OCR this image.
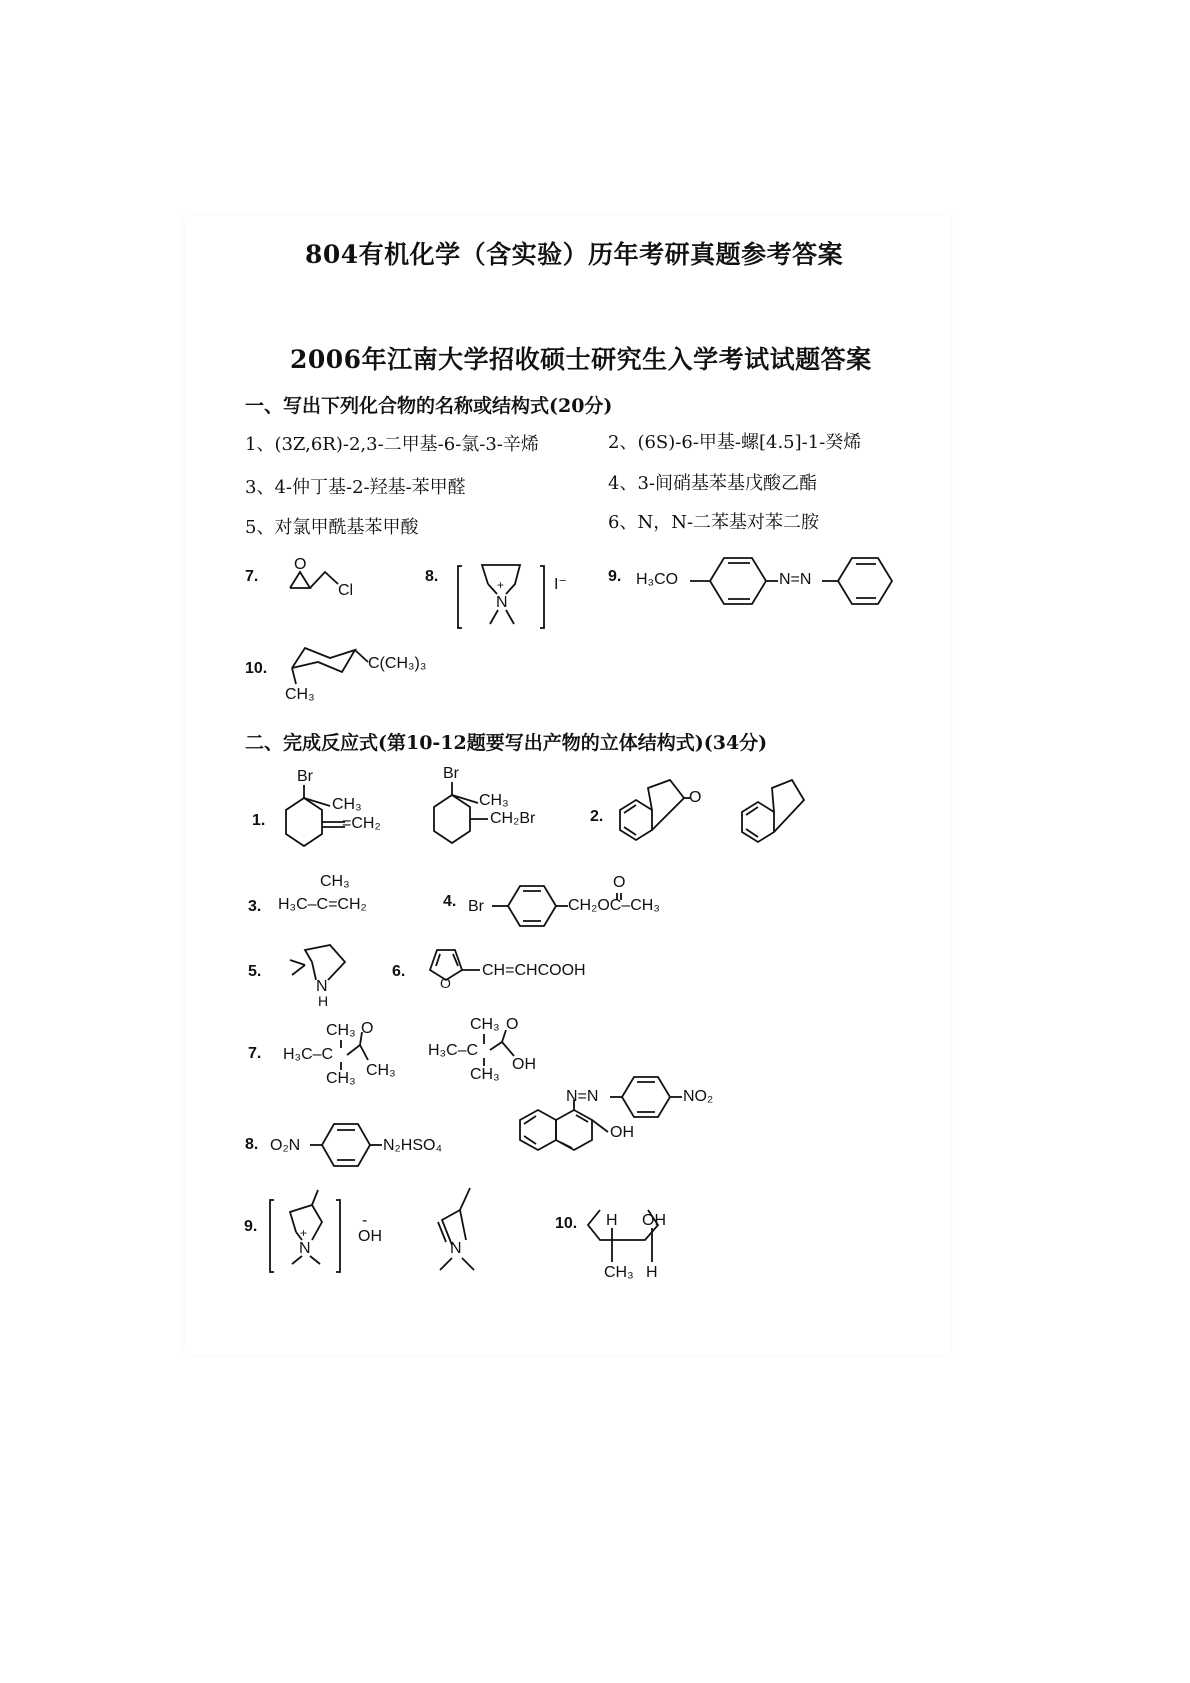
804有机化学（含实验）历年考研真题参考答案
2006年江南大学招收硕士研究生入学考试试题答案
一、写出下列化合物的名称或结构式(20分)
1、(3Z,6R)-2,3-二甲基-6-氯-3-辛烯	2、(6S)-6-甲基-螺[4.5]-1-癸烯
3、4-仲丁基-2-羟基-苯甲醛	4、3-间硝基苯基戊酸乙酯
5、对氯甲酰基苯甲酸	6、N，N-二苯基对苯二胺
7.
O
Cl
8.
N
+	I⁻	9. H₃CO	N=N
10.	C(CH₃)₃
CH₃
二、完成反应式(第10-12题要写出产物的立体结构式)(34分)
1.
Br
CH₃
=CH₂
Br
CH₃
CH₂Br	2.
O
3.
CH₃
H₃C–C=CH₂	4. Br
O
CH₂OC–CH₃
5.
N
H
6.
O
CH=CHCOOH
7. H₃C–C
CH₃ O
CH₃ CH₃
H₃C–C
CH₃ O
CH₃
OH
8. O₂N	N₂HSO₄
N=N	NO₂
OH
9.
N
+	OH
-
N
10. H OH
CH₃ H
